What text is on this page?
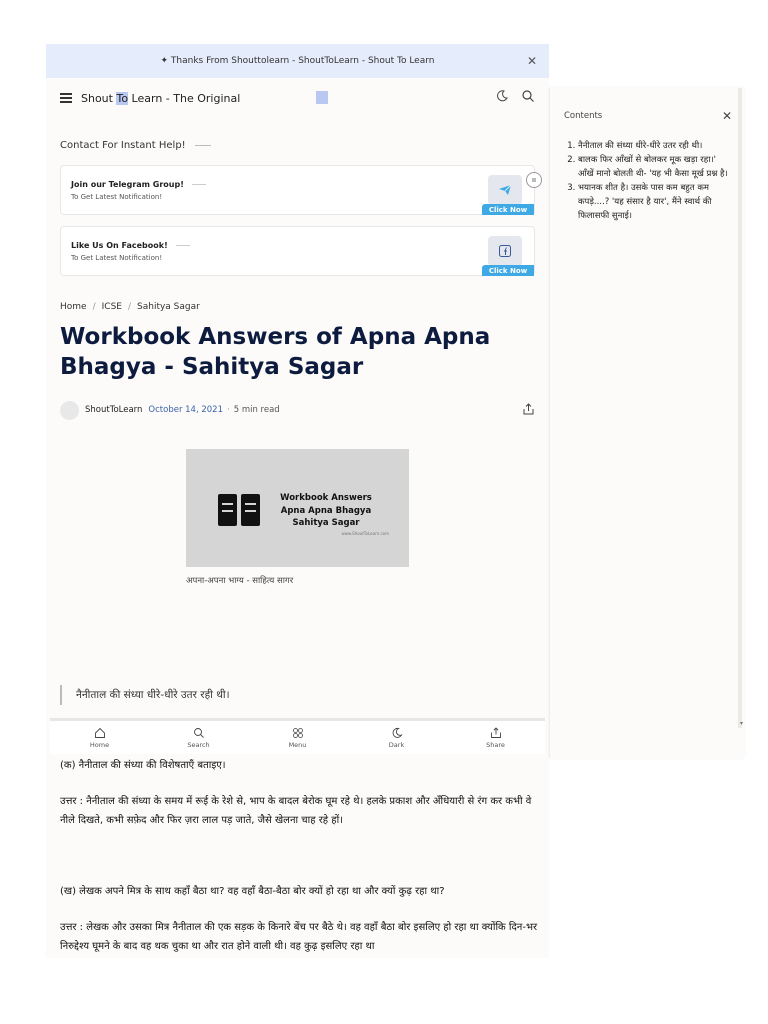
✦ Thanks From Shouttolearn - ShoutToLearn - Shout To Learn	✕
Shout To Learn - The Original
Contact For Instant Help!
Join our Telegram Group!
To Get Latest Notification!
Click Now
Like Us On Facebook!
To Get Latest Notification!
Click Now
Home / ICSE / Sahitya Sagar
Workbook Answers of Apna Apna Bhagya - Sahitya Sagar
ShoutToLearn October 14, 2021 · 5 min read
Workbook Answers
Apna Apna Bhagya
Sahitya Sagar
www.ShoutToLearn.com
अपना-अपना भाग्य - साहित्य सागर
नैनीताल की संध्या धीरे-धीरे उतर रही थी।
Home	Search	Menu	Dark	Share

(क) नैनीताल की संध्या की विशेषताएँ बताइए।

उत्तर : नैनीताल की संध्या के समय में रूई के रेशे से, भाप के बादल बेरोक घूम रहे थे। हलके प्रकाश और अँधियारी से रंग कर कभी वे नीले दिखते, कभी सफ़ेद और फिर ज़रा लाल पड़ जाते, जैसे खेलना चाह रहे हों।

(ख) लेखक अपने मित्र के साथ कहाँ बैठा था? वह वहाँ बैठा-बैठा बोर क्यों हो रहा था और क्यों कुढ़ रहा था?

उत्तर : लेखक और उसका मित्र नैनीताल की एक सड़क के किनारे बेंच पर बैठे थे। वह वहाँ बैठा बोर इसलिए हो रहा था क्योंकि दिन-भर निरुद्देश्य घूमने के बाद वह थक चुका था और रात होने वाली थी। वह कुढ़ इसलिए रहा था

Contents	✕
1. नैनीताल की संध्या धीरे-धीरे उतर रही थी।
2. बालक फिर आँखों से बोलकर मूक खड़ा रहा।' आँखें मानो बोलती थी- 'यह भी कैसा मूर्ख प्रश्न है।
3. भयानक शीत है। उसके पास कम बहुत कम कपड़े....? 'यह संसार है यार', मैंने स्वार्थ की फिलासफी सुनाई।
▾
